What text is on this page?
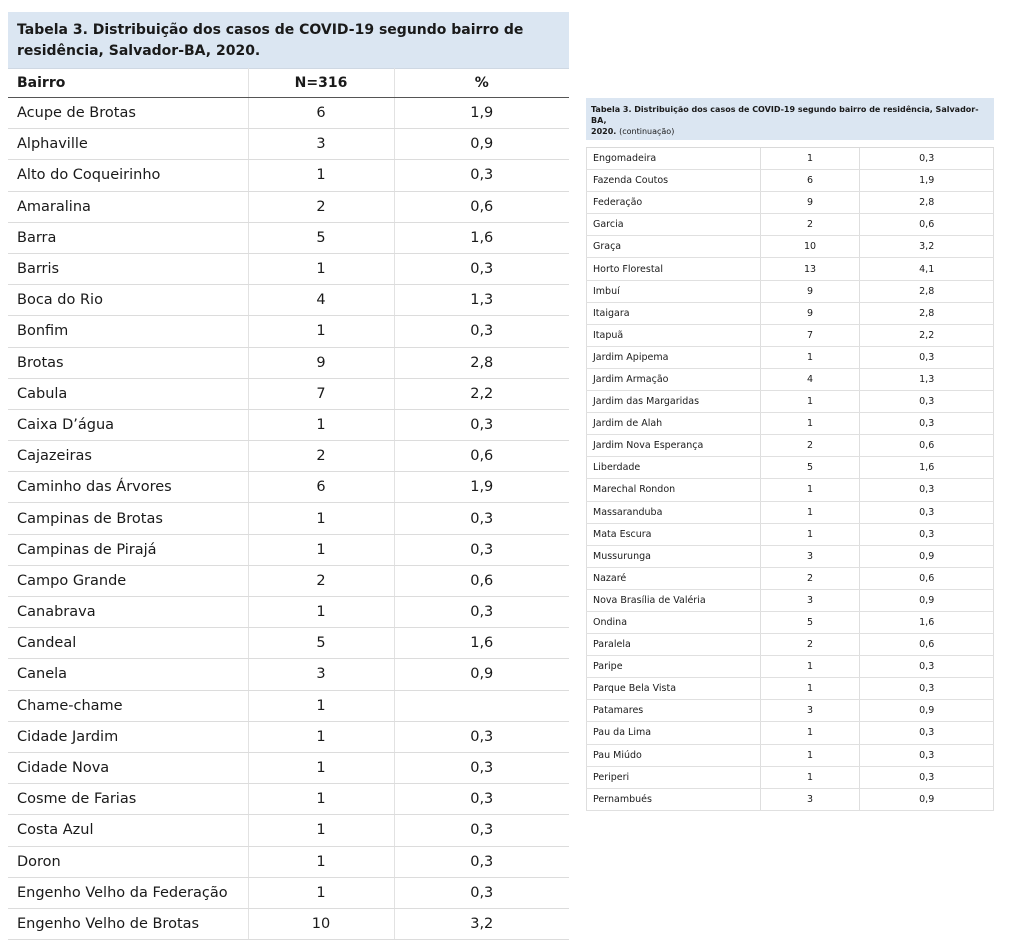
Tabela 3. Distribuição dos casos de COVID-19 segundo bairro de residência, Salvador-BA, 2020.
Bairro	N=316	%
Acupe de Brotas	6	1,9
Alphaville	3	0,9
Alto do Coqueirinho	1	0,3
Amaralina	2	0,6
Barra	5	1,6
Barris	1	0,3
Boca do Rio	4	1,3
Bonfim	1	0,3
Brotas	9	2,8
Cabula	7	2,2
Caixa D’água	1	0,3
Cajazeiras	2	0,6
Caminho das Árvores	6	1,9
Campinas de Brotas	1	0,3
Campinas de Pirajá	1	0,3
Campo Grande	2	0,6
Canabrava	1	0,3
Candeal	5	1,6
Canela	3	0,9
Chame-chame	1	
Cidade Jardim	1	0,3
Cidade Nova	1	0,3
Cosme de Farias	1	0,3
Costa Azul	1	0,3
Doron	1	0,3
Engenho Velho da Federação	1	0,3
Engenho Velho de Brotas	10	3,2
Tabela 3. Distribuição dos casos de COVID-19 segundo bairro de residência, Salvador-BA,
2020. (continuação)
Engomadeira	1	0,3
Fazenda Coutos	6	1,9
Federação	9	2,8
Garcia	2	0,6
Graça	10	3,2
Horto Florestal	13	4,1
Imbuí	9	2,8
Itaigara	9	2,8
Itapuã	7	2,2
Jardim Apipema	1	0,3
Jardim Armação	4	1,3
Jardim das Margaridas	1	0,3
Jardim de Alah	1	0,3
Jardim Nova Esperança	2	0,6
Liberdade	5	1,6
Marechal Rondon	1	0,3
Massaranduba	1	0,3
Mata Escura	1	0,3
Mussurunga	3	0,9
Nazaré	2	0,6
Nova Brasília de Valéria	3	0,9
Ondina	5	1,6
Paralela	2	0,6
Paripe	1	0,3
Parque Bela Vista	1	0,3
Patamares	3	0,9
Pau da Lima	1	0,3
Pau Miúdo	1	0,3
Periperi	1	0,3
Pernambués	3	0,9
